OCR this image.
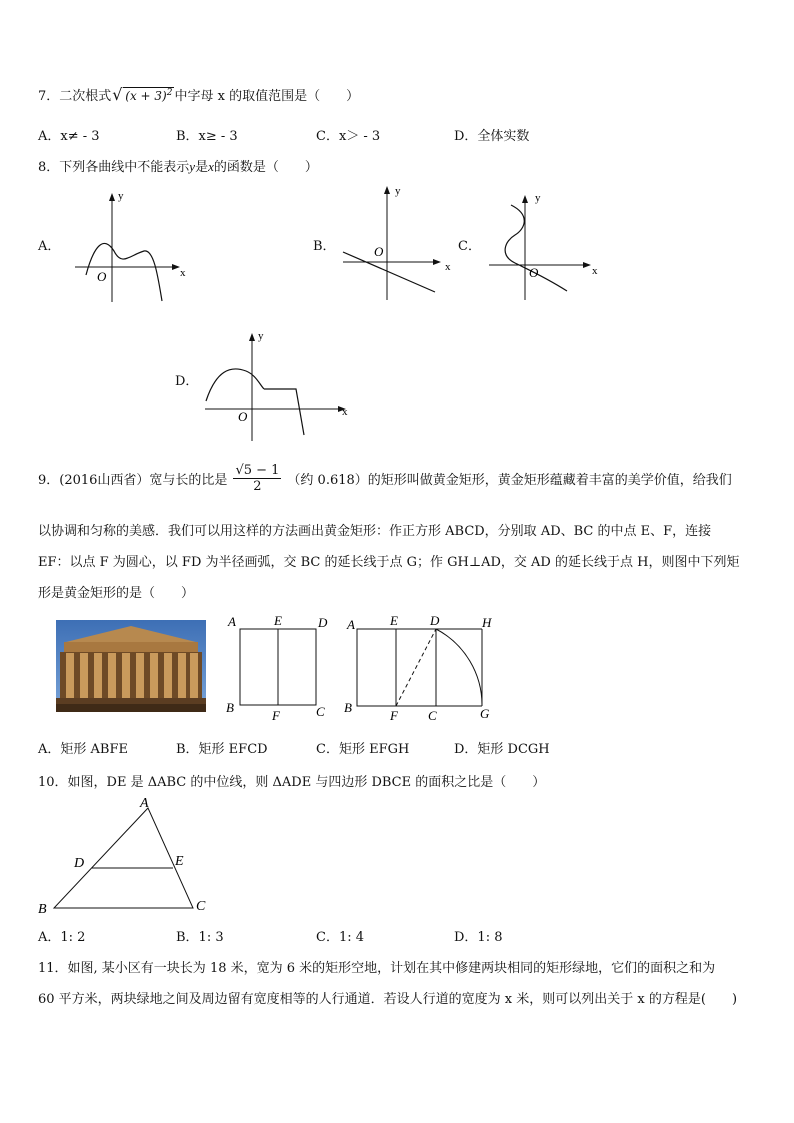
7．二次根式 √ $(x + 3)^2$ 中字母 x 的取值范围是（　　）
A．x≠ - 3	B．x≥ - 3	C．x＞ - 3	D．全体实数
8．下列各曲线中不能表示y是x的函数是（　　）
A．	B．	C．
D．
y
x
O
y
x
O
y
x
O
y
x
O
9．(2016山西省）宽与长的比是 $\frac{√5 - 1}{2}$ （约 0.618）的矩形叫做黄金矩形，黄金矩形蕴藏着丰富的美学价值，给我们
以协调和匀称的美感．我们可以用这样的方法画出黄金矩形：作正方形 ABCD，分别取 AD、BC 的中点 E、F，连接
EF：以点 F 为圆心，以 FD 为半径画弧，交 BC 的延长线于点 G；作 GH⊥AD，交 AD 的延长线于点 H，则图中下列矩
形是黄金矩形的是（　　）
A	E	D
B
F	C
A	E D	H
B
F C	G
A．矩形 ABFE	B．矩形 EFCD	C．矩形 EFGH	D．矩形 DCGH
10．如图，DE 是 ΔABC 的中位线，则 ΔADE 与四边形 DBCE 的面积之比是（　　）
A
D	E
B	C
A．1: 2	B．1: 3	C．1: 4	D．1: 8
11．如图, 某小区有一块长为 18 米，宽为 6 米的矩形空地，计划在其中修建两块相同的矩形绿地，它们的面积之和为
60 平方米，两块绿地之间及周边留有宽度相等的人行通道．若设人行道的宽度为 x 米，则可以列出关于 x 的方程是(　　)
